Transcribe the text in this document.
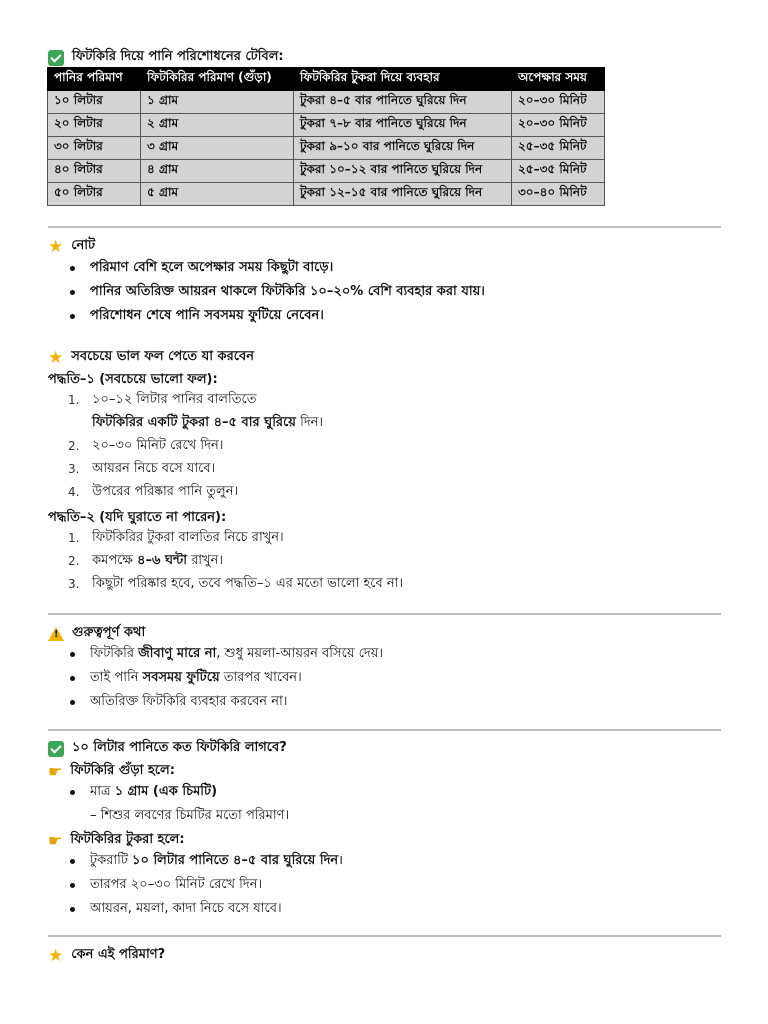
ফিটকিরি দিয়ে পানি পরিশোধনের টেবিল:
পানির পরিমাণ	ফিটকিরির পরিমাণ (গুঁড়া)	ফিটকিরির টুকরা দিয়ে ব্যবহার	অপেক্ষার সময়
১০ লিটার	১ গ্রাম	টুকরা ৪–৫ বার পানিতে ঘুরিয়ে দিন	২০–৩০ মিনিট
২০ লিটার	২ গ্রাম	টুকরা ৭–৮ বার পানিতে ঘুরিয়ে দিন	২০–৩০ মিনিট
৩০ লিটার	৩ গ্রাম	টুকরা ৯–১০ বার পানিতে ঘুরিয়ে দিন	২৫–৩৫ মিনিট
৪০ লিটার	৪ গ্রাম	টুকরা ১০–১২ বার পানিতে ঘুরিয়ে দিন	২৫–৩৫ মিনিট
৫০ লিটার	৫ গ্রাম	টুকরা ১২–১৫ বার পানিতে ঘুরিয়ে দিন	৩০–৪০ মিনিট
★ নোট
পরিমাণ বেশি হলে অপেক্ষার সময় কিছুটা বাড়ে।
পানির অতিরিক্ত আয়রন থাকলে ফিটকিরি ১০–২০% বেশি ব্যবহার করা যায়।
পরিশোধন শেষে পানি সবসময় ফুটিয়ে নেবেন।
★ সবচেয়ে ভাল ফল পেতে যা করবেন
পদ্ধতি–১ (সবচেয়ে ভালো ফল):
1. ১০–১২ লিটার পানির বালতিতে
ফিটকিরির একটি টুকরা ৪–৫ বার ঘুরিয়ে দিন।
2. ২০–৩০ মিনিট রেখে দিন।
3. আয়রন নিচে বসে যাবে।
4. উপরের পরিষ্কার পানি তুলুন।
পদ্ধতি–২ (যদি ঘুরাতে না পারেন):
1. ফিটকিরির টুকরা বালতির নিচে রাখুন।
2. কমপক্ষে ৪–৬ ঘন্টা রাখুন।
3. কিছুটা পরিষ্কার হবে, তবে পদ্ধতি–১ এর মতো ভালো হবে না।
!
গুরুত্বপূর্ণ কথা
ফিটকিরি জীবাণু মারে না, শুধু ময়লা-আয়রন বসিয়ে দেয়।
তাই পানি সবসময় ফুটিয়ে তারপর খাবেন।
অতিরিক্ত ফিটকিরি ব্যবহার করবেন না।
১০ লিটার পানিতে কত ফিটকিরি লাগবে?
☛ ফিটকিরি গুঁড়া হলে:
মাত্র ১ গ্রাম (এক চিমটি)
– শিশুর লবণের চিমটির মতো পরিমাণ।
☛ ফিটকিরির টুকরা হলে:
টুকরাটি ১০ লিটার পানিতে ৪–৫ বার ঘুরিয়ে দিন।
তারপর ২০–৩০ মিনিট রেখে দিন।
আয়রন, ময়লা, কাদা নিচে বসে যাবে।
★ কেন এই পরিমাণ?
